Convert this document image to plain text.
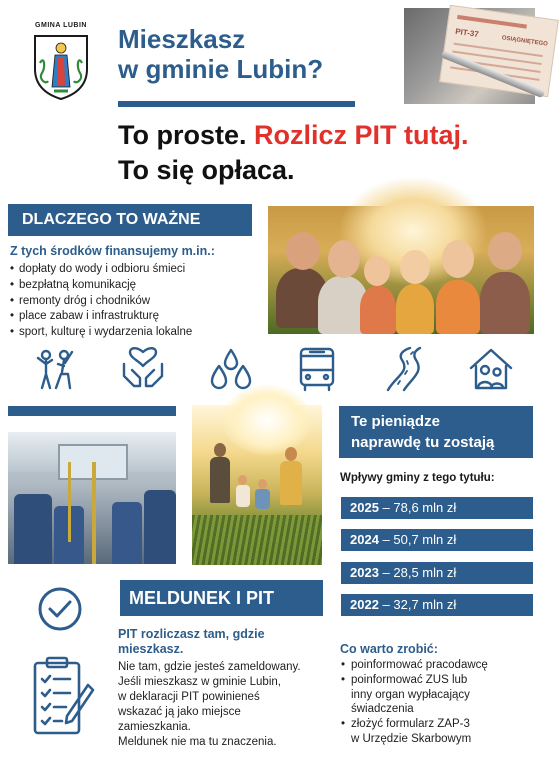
GMINA LUBIN	Mieszkasz
w gminie Lubin?
PIT-37
OSIĄGNIĘTEGO
To proste. Rozlicz PIT tutaj.
To się opłaca.
DLACZEGO TO WAŻNE
Z tych środków finansujemy m.in.:
• dopłaty do wody i odbioru śmieci
• bezpłatną komunikację
• remonty dróg i chodników
• place zabaw i infrastrukturę
• sport, kulturę i wydarzenia lokalne
Te pieniądze
naprawdę tu zostają
Wpływy gminy z tego tytułu:
2025 – 78,6 mln zł
2024 – 50,7 mln zł
2023 – 28,5 mln zł
2022 – 32,7 mln zł
MELDUNEK I PIT
PIT rozliczasz tam, gdzie mieszkasz.
Nie tam, gdzie jesteś zameldowany.
Jeśli mieszkasz w gminie Lubin,
w deklaracji PIT powinieneś
wskazać ją jako miejsce
zamieszkania.
Meldunek nie ma tu znaczenia.
Co warto zrobić:
• poinformować pracodawcę
• poinformować ZUS lub
inny organ wypłacający
świadczenia
• złożyć formularz ZAP-3
w Urzędzie Skarbowym
